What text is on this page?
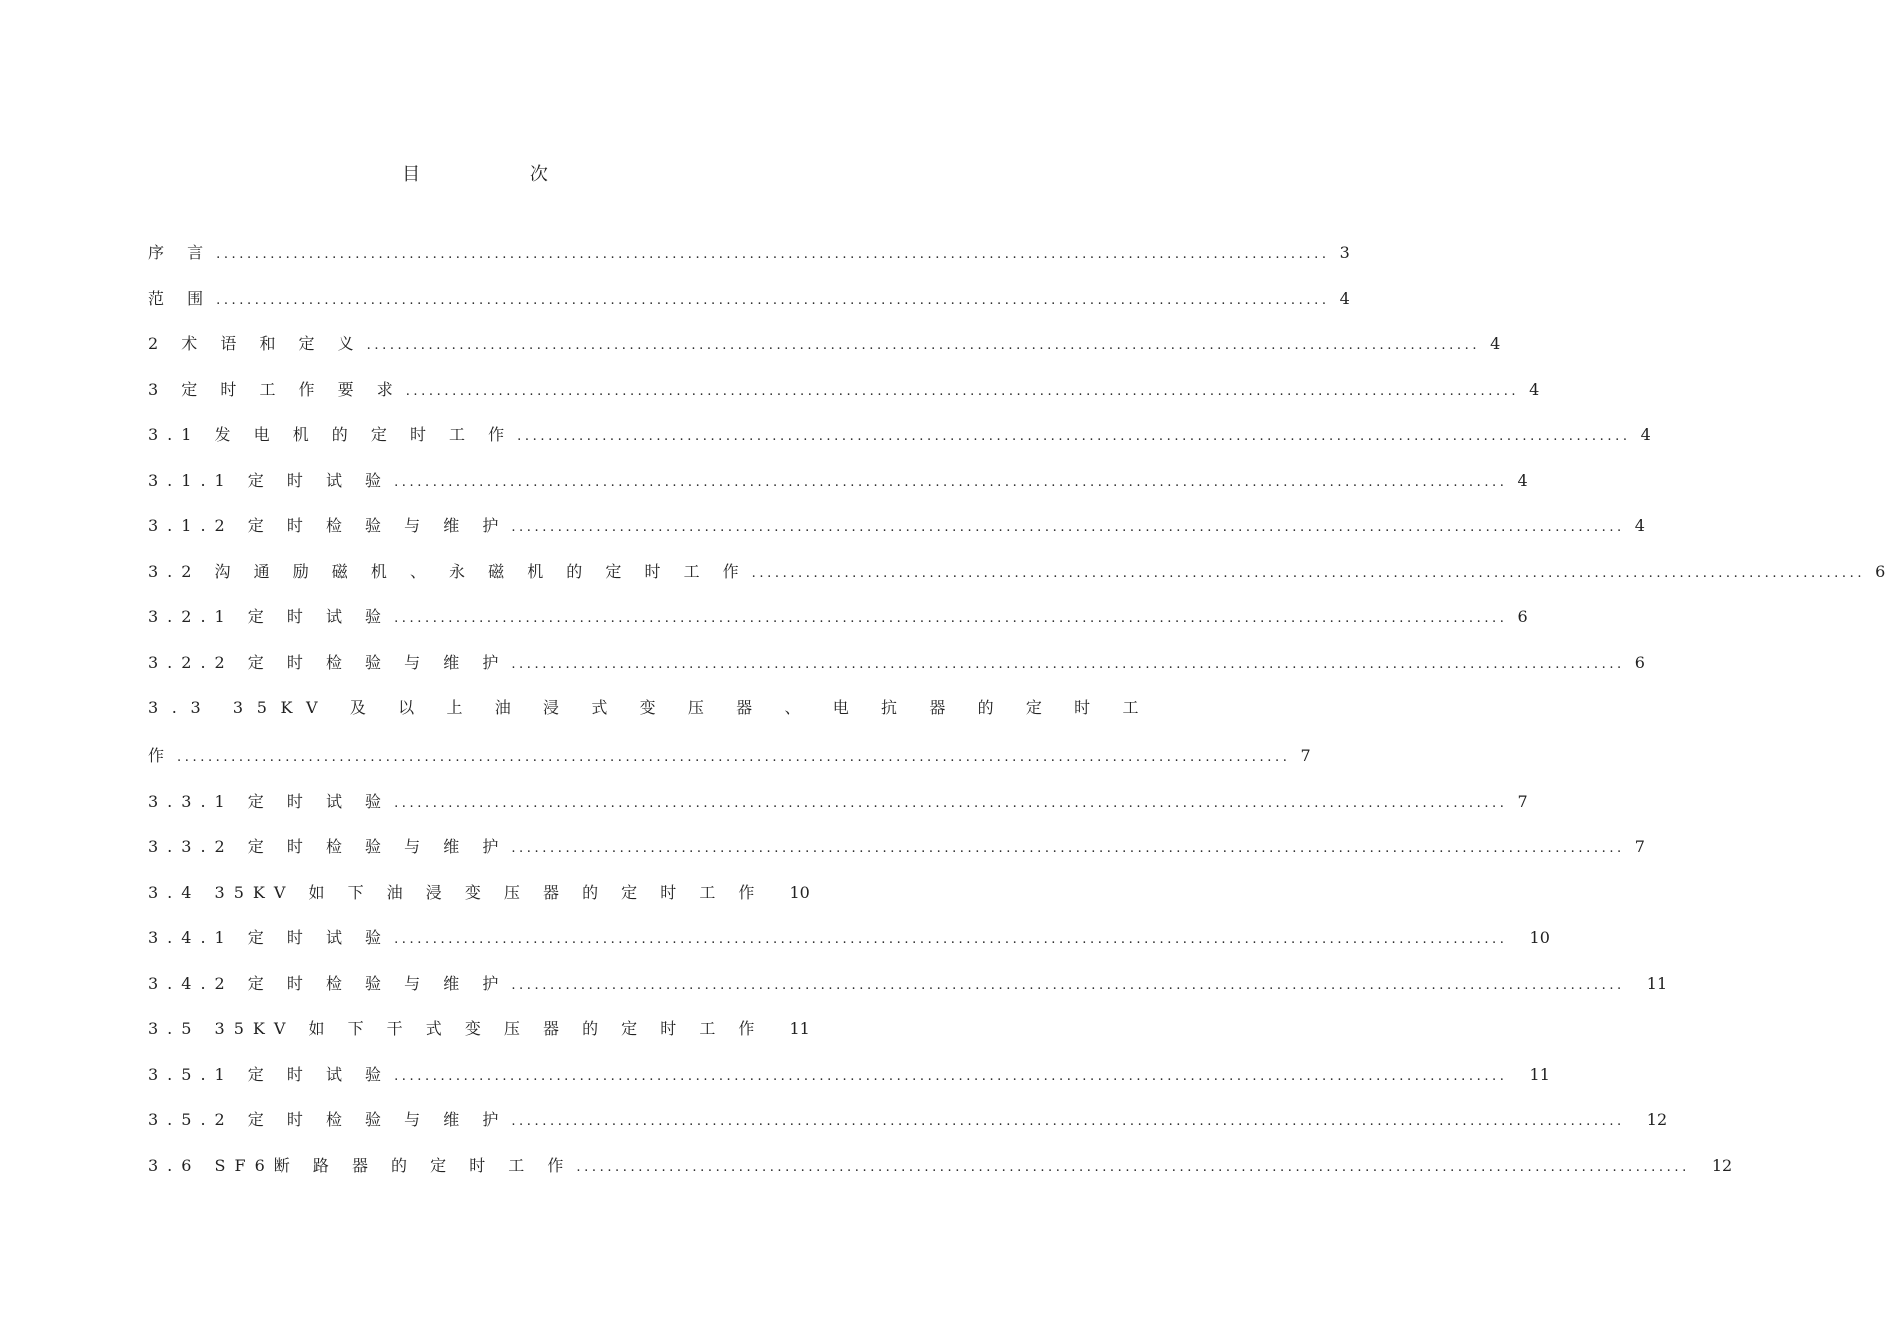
目 次
序 言 .....	3
范 围 .....	4
2 术 语 和 定 义 .....	4
3 定 时 工 作 要 求 .....	4
3.1 发 电 机 的 定 时 工 作 .....	4
3.1.1 定 时 试 验 .....	4
3.1.2 定 时 检 验 与 维 护 .....	4
3.2 沟 通 励 磁 机 、 永 磁 机 的 定 时 工 作 .....	6
3.2.1 定 时 试 验 .....	6
3.2.2 定 时 检 验 与 维 护 .....	6
3.3 35KV 及 以 上 油 浸 式 变 压 器 、 电 抗 器 的 定 时 工
作 .....	7
3.3.1 定 时 试 验 .....	7
3.3.2 定 时 检 验 与 维 护 .....	7
3.4 35KV 如 下 油 浸 变 压 器 的 定 时 工 作 10
3.4.1 定 时 试 验 .....	10
3.4.2 定 时 检 验 与 维 护 .....	11
3.5 35KV 如 下 干 式 变 压 器 的 定 时 工 作 11
3.5.1 定 时 试 验 .....	11
3.5.2 定 时 检 验 与 维 护 .....	12
3.6 SF6断 路 器 的 定 时 工 作 .....	12
